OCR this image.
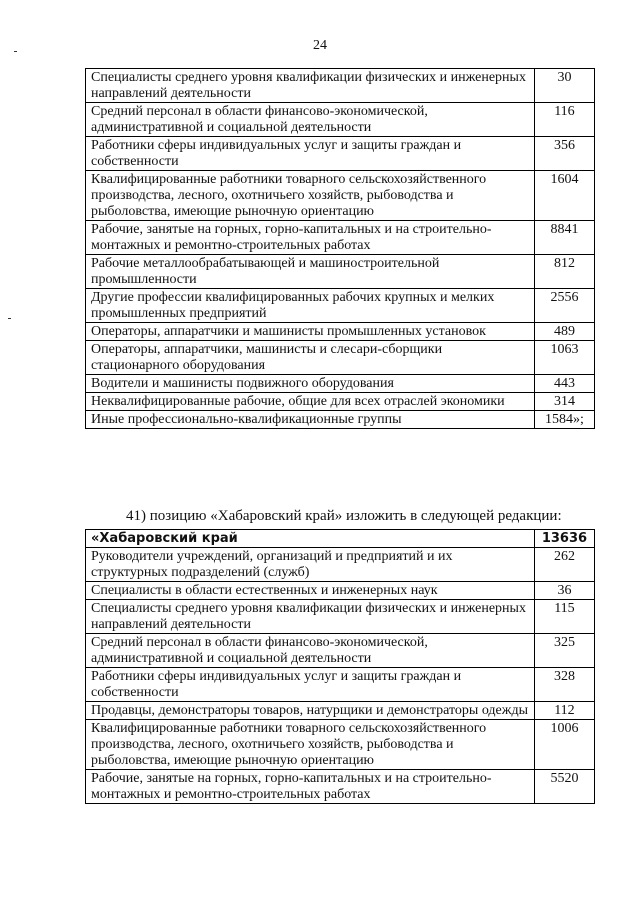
24
Специалисты среднего уровня квалификации физических и инженерных направлений деятельности	30
Средний персонал в области финансово-экономической, административной и социальной деятельности	116
Работники сферы индивидуальных услуг и защиты граждан и собственности	356
Квалифицированные работники товарного сельскохозяйственного производства, лесного, охотничьего хозяйств, рыбоводства и рыболовства, имеющие рыночную ориентацию	1604
Рабочие, занятые на горных, горно-капитальных и на строительно-монтажных и ремонтно-строительных работах	8841
Рабочие металлообрабатывающей и машиностроительной промышленности	812
Другие профессии квалифицированных рабочих крупных и мелких промышленных предприятий	2556
Операторы, аппаратчики и машинисты промышленных установок	489
Операторы, аппаратчики, машинисты и слесари-сборщики стационарного оборудования	1063
Водители и машинисты подвижного оборудования	443
Неквалифицированные рабочие, общие для всех отраслей экономики	314
Иные профессионально-квалификационные группы	1584»;
41) позицию «Хабаровский край» изложить в следующей редакции:
«Хабаровский край	13636
Руководители учреждений, организаций и предприятий и их структурных подразделений (служб)	262
Специалисты в области естественных и инженерных наук	36
Специалисты среднего уровня квалификации физических и инженерных направлений деятельности	115
Средний персонал в области финансово-экономической, административной и социальной деятельности	325
Работники сферы индивидуальных услуг и защиты граждан и собственности	328
Продавцы, демонстраторы товаров, натурщики и демонстраторы одежды	112
Квалифицированные работники товарного сельскохозяйственного производства, лесного, охотничьего хозяйств, рыбоводства и рыболовства, имеющие рыночную ориентацию	1006
Рабочие, занятые на горных, горно-капитальных и на строительно-монтажных и ремонтно-строительных работах	5520
